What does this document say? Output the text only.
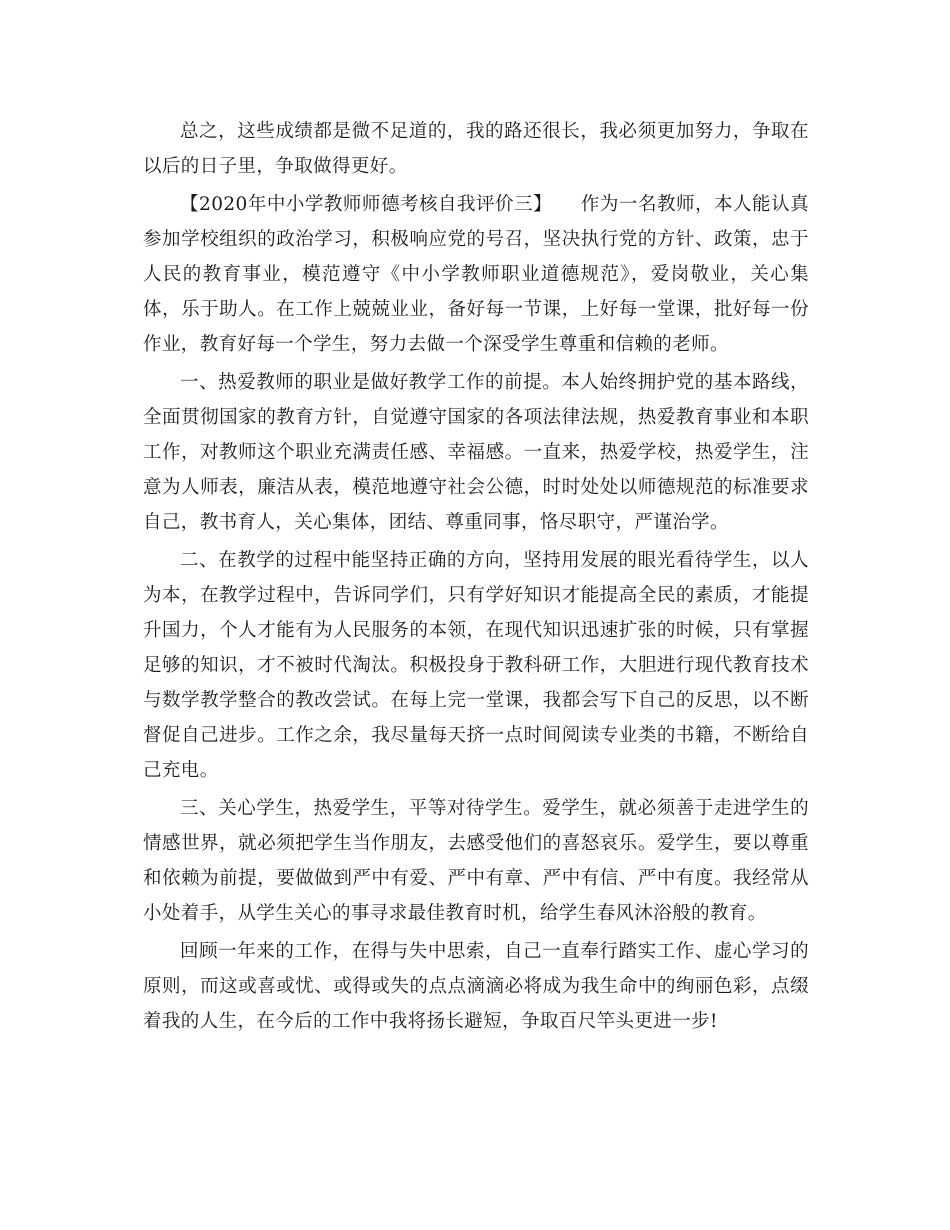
总之，这些成绩都是微不足道的，我的路还很长，我必须更加努力，争取在以后的日子里，争取做得更好。

【2020年中小学教师师德考核自我评价三】　　作为一名教师，本人能认真参加学校组织的政治学习，积极响应党的号召，坚决执行党的方针、政策，忠于人民的教育事业，模范遵守《中小学教师职业道德规范》，爱岗敬业，关心集体，乐于助人。在工作上兢兢业业，备好每一节课，上好每一堂课，批好每一份作业，教育好每一个学生，努力去做一个深受学生尊重和信赖的老师。

一、热爱教师的职业是做好教学工作的前提。本人始终拥护党的基本路线，全面贯彻国家的教育方针，自觉遵守国家的各项法律法规，热爱教育事业和本职工作，对教师这个职业充满责任感、幸福感。一直来，热爱学校，热爱学生，注意为人师表，廉洁从表，模范地遵守社会公德，时时处处以师德规范的标准要求自己，教书育人，关心集体，团结、尊重同事，恪尽职守，严谨治学。

二、在教学的过程中能坚持正确的方向，坚持用发展的眼光看待学生，以人为本，在教学过程中，告诉同学们，只有学好知识才能提高全民的素质，才能提升国力，个人才能有为人民服务的本领，在现代知识迅速扩张的时候，只有掌握足够的知识，才不被时代淘汰。积极投身于教科研工作，大胆进行现代教育技术与数学教学整合的教改尝试。在每上完一堂课，我都会写下自己的反思，以不断督促自己进步。工作之余，我尽量每天挤一点时间阅读专业类的书籍，不断给自己充电。

三、关心学生，热爱学生，平等对待学生。爱学生，就必须善于走进学生的情感世界，就必须把学生当作朋友，去感受他们的喜怒哀乐。爱学生，要以尊重和依赖为前提，要做做到严中有爱、严中有章、严中有信、严中有度。我经常从小处着手，从学生关心的事寻求最佳教育时机，给学生春风沐浴般的教育。

回顾一年来的工作，在得与失中思索，自己一直奉行踏实工作、虚心学习的原则，而这或喜或忧、或得或失的点点滴滴必将成为我生命中的绚丽色彩，点缀着我的人生，在今后的工作中我将扬长避短，争取百尺竿头更进一步!
